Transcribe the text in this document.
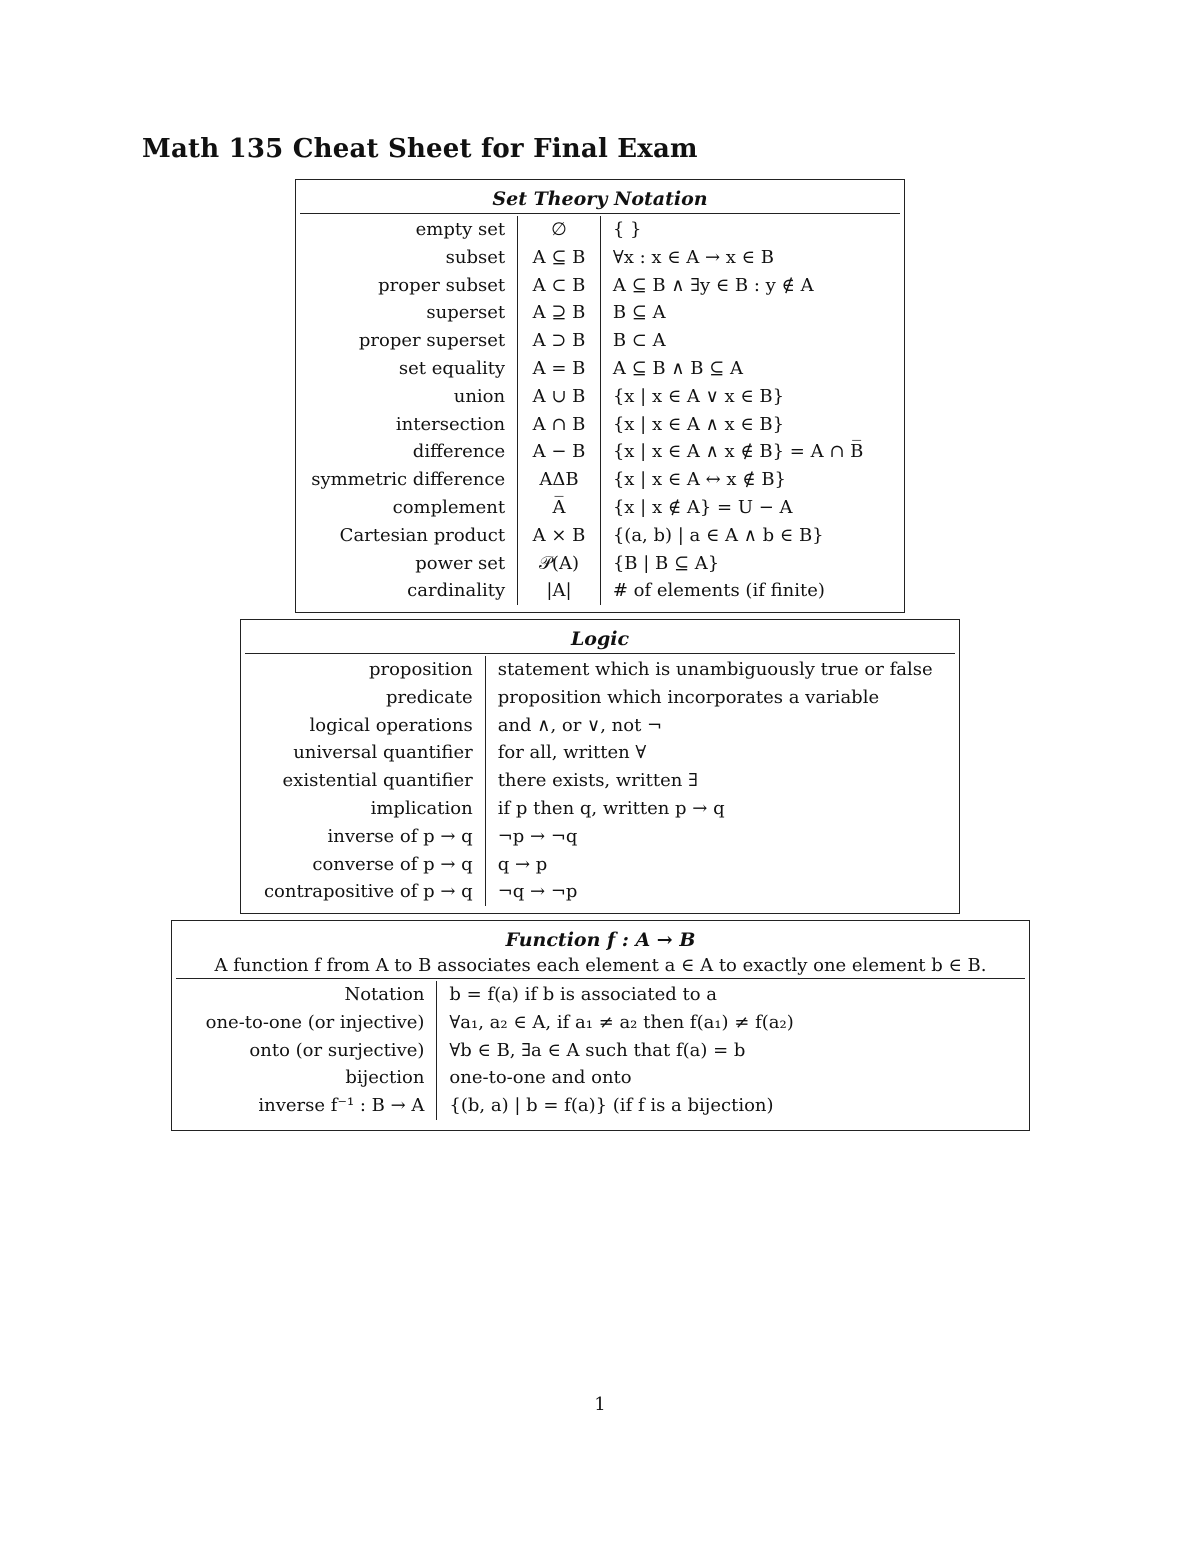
Math 135 Cheat Sheet for Final Exam
Set Theory Notation
empty set	∅	{ }
subset	A ⊆ B	∀x : x ∈ A → x ∈ B
proper subset	A ⊂ B	A ⊆ B ∧ ∃y ∈ B : y ∉ A
superset	A ⊇ B	B ⊆ A
proper superset	A ⊃ B	B ⊂ A
set equality	A = B	A ⊆ B ∧ B ⊆ A
union	A ∪ B	{x | x ∈ A ∨ x ∈ B}
intersection	A ∩ B	{x | x ∈ A ∧ x ∈ B}
difference	A − B	{x | x ∈ A ∧ x ∉ B} = A ∩ B̅
symmetric difference	AΔB	{x | x ∈ A ↔ x ∉ B}
complement	A̅	{x | x ∉ A} = U − A
Cartesian product	A × B	{(a, b) | a ∈ A ∧ b ∈ B}
power set	𝒫(A)	{B | B ⊆ A}
cardinality	|A|	# of elements (if finite)
Logic
proposition	statement which is unambiguously true or false
predicate	proposition which incorporates a variable
logical operations	and ∧, or ∨, not ¬
universal quantifier	for all, written ∀
existential quantifier	there exists, written ∃
implication	if p then q, written p → q
inverse of p → q	¬p → ¬q
converse of p → q	q → p
contrapositive of p → q	¬q → ¬p
Function f : A → B
A function f from A to B associates each element a ∈ A to exactly one element b ∈ B.
Notation	b = f(a) if b is associated to a
one-to-one (or injective)	∀a₁, a₂ ∈ A, if a₁ ≠ a₂ then f(a₁) ≠ f(a₂)
onto (or surjective)	∀b ∈ B, ∃a ∈ A such that f(a) = b
bijection	one-to-one and onto
inverse f⁻¹ : B → A	{(b, a) | b = f(a)} (if f is a bijection)
1
